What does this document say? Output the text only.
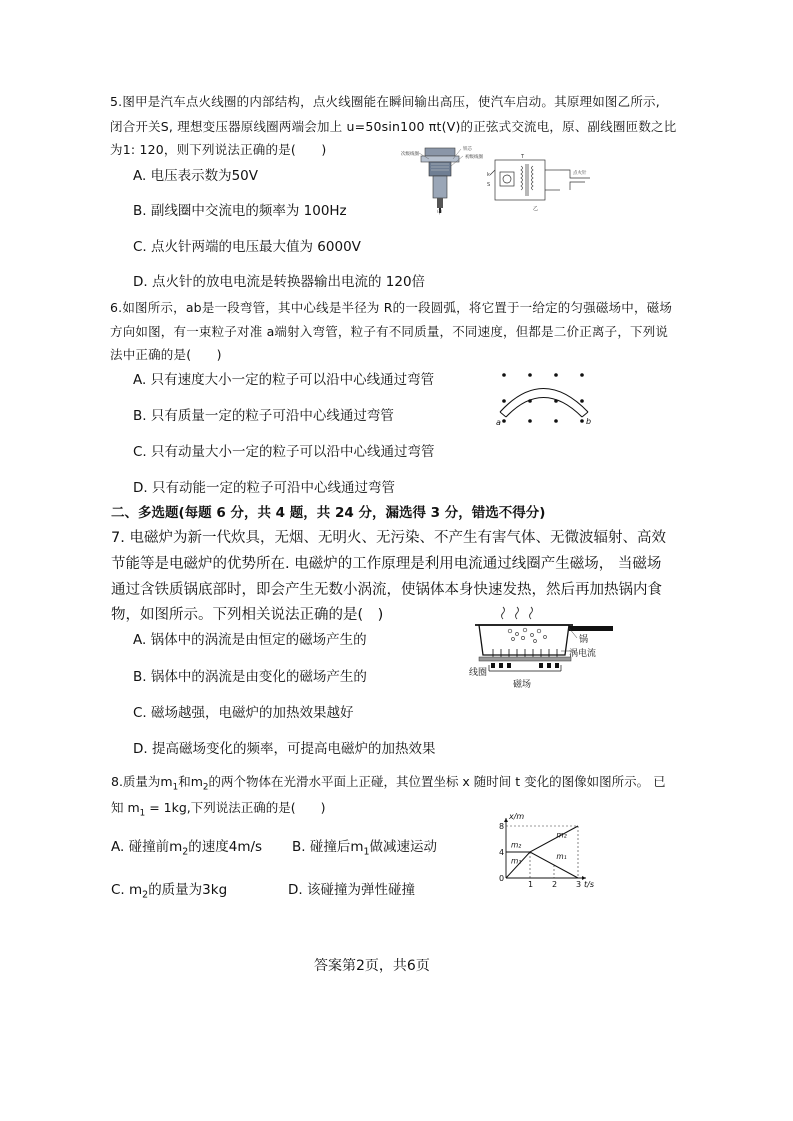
5.图甲是汽车点火线圈的内部结构，点火线圈能在瞬间输出高压，使汽车启动。其原理如图乙所示,
闭合开关S, 理想变压器原线圈两端会加上 u=50sin100 πt(V)的正弦式交流电，原、副线圈匝数之比
为1: 120，则下列说法正确的是(　　)
A. 电压表示数为50V
B. 副线圈中交流电的频率为 100Hz
C. 点火针两端的电压最大值为 6000V
D. 点火针的放电电流是转换器输出电流的 120倍
次级线圈
铁芯
初级线圈
甲
k
S
T
点火针
乙
6.如图所示，ab是一段弯管，其中心线是半径为 R的一段圆弧，将它置于一给定的匀强磁场中，磁场
方向如图，有一束粒子对准 a端射入弯管，粒子有不同质量，不同速度，但都是二价正离子，下列说
法中正确的是(　　)
A. 只有速度大小一定的粒子可以沿中心线通过弯管
B. 只有质量一定的粒子可沿中心线通过弯管
C. 只有动量大小一定的粒子可以沿中心线通过弯管
D. 只有动能一定的粒子可沿中心线通过弯管
a	b
二、多选题(每题 6 分，共 4 题，共 24 分，漏选得 3 分，错选不得分)
7. 电磁炉为新一代炊具，无烟、无明火、无污染、不产生有害气体、无微波辐射、高效
节能等是电磁炉的优势所在. 电磁炉的工作原理是利用电流通过线圈产生磁场， 当磁场
通过含铁质锅底部时，即会产生无数小涡流，使锅体本身快速发热，然后再加热锅内食
物，如图所示。下列相关说法正确的是(　)
A. 锅体中的涡流是由恒定的磁场产生的
B. 锅体中的涡流是由变化的磁场产生的
C. 磁场越强，电磁炉的加热效果越好
D. 提高磁场变化的频率，可提高电磁炉的加热效果
锅
涡电流
线圈
磁场
8.质量为$m_1$和$m_2$的两个物体在光滑水平面上正碰，其位置坐标 x 随时间 t 变化的图像如图所示。 已
知 $m_1 = 1kg$,下列说法正确的是(　　)
A. 碰撞前$m_2$的速度4m/s B. 碰撞后$m_1$做减速运动
C. $m_2$的质量为3kg	D. 该碰撞为弹性碰撞
8
4
0
1 2 3
x/m
t/s
m₁
m₂
m₂
m₁
答案第2页，共6页
